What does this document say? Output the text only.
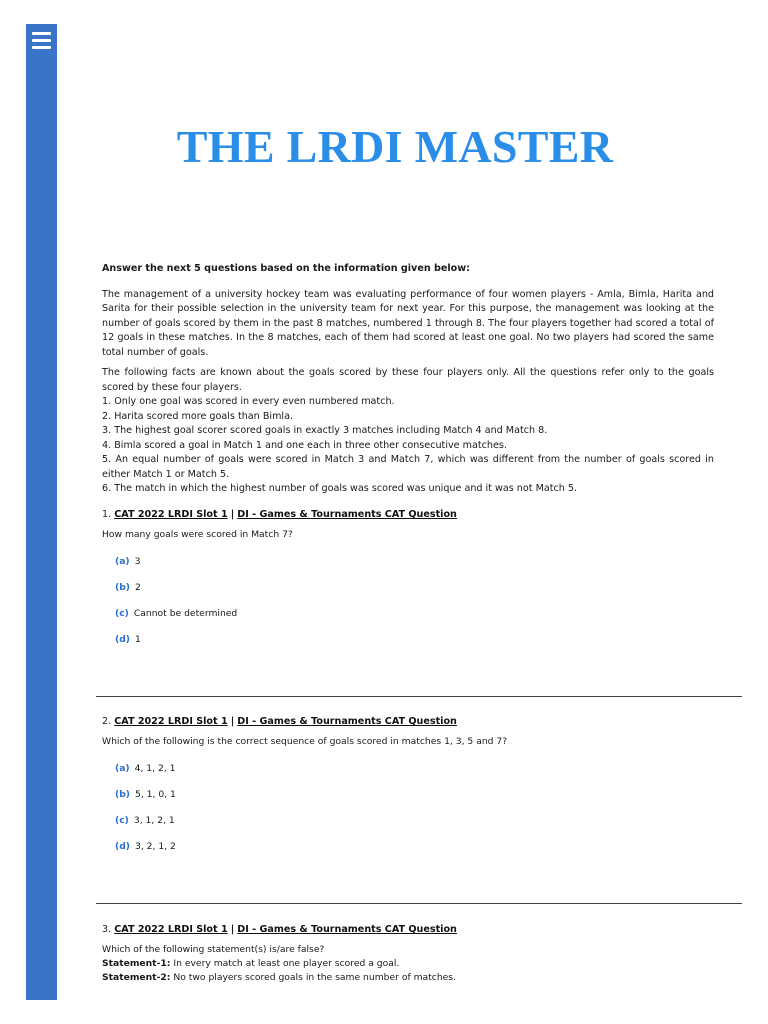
THE LRDI MASTER

Answer the next 5 questions based on the information given below:

The management of a university hockey team was evaluating performance of four women players - Amla, Bimla, Harita and Sarita for their possible selection in the university team for next year. For this purpose, the management was looking at the number of goals scored by them in the past 8 matches, numbered 1 through 8. The four players together had scored a total of 12 goals in these matches. In the 8 matches, each of them had scored at least one goal. No two players had scored the same total number of goals.

The following facts are known about the goals scored by these four players only. All the questions refer only to the goals scored by these four players.

1. Only one goal was scored in every even numbered match.
2. Harita scored more goals than Bimla.
3. The highest goal scorer scored goals in exactly 3 matches including Match 4 and Match 8.
4. Bimla scored a goal in Match 1 and one each in three other consecutive matches.
5. An equal number of goals were scored in Match 3 and Match 7, which was different from the number of goals scored in either Match 1 or Match 5.
6. The match in which the highest number of goals was scored was unique and it was not Match 5.
1. CAT 2022 LRDI Slot 1 | DI - Games & Tournaments CAT Question
How many goals were scored in Match 7?
(a) 3
(b) 2
(c) Cannot be determined
(d) 1
2. CAT 2022 LRDI Slot 1 | DI - Games & Tournaments CAT Question
Which of the following is the correct sequence of goals scored in matches 1, 3, 5 and 7?
(a) 4, 1, 2, 1
(b) 5, 1, 0, 1
(c) 3, 1, 2, 1
(d) 3, 2, 1, 2
3. CAT 2022 LRDI Slot 1 | DI - Games & Tournaments CAT Question
Which of the following statement(s) is/are false?
Statement-1: In every match at least one player scored a goal.
Statement-2: No two players scored goals in the same number of matches.
